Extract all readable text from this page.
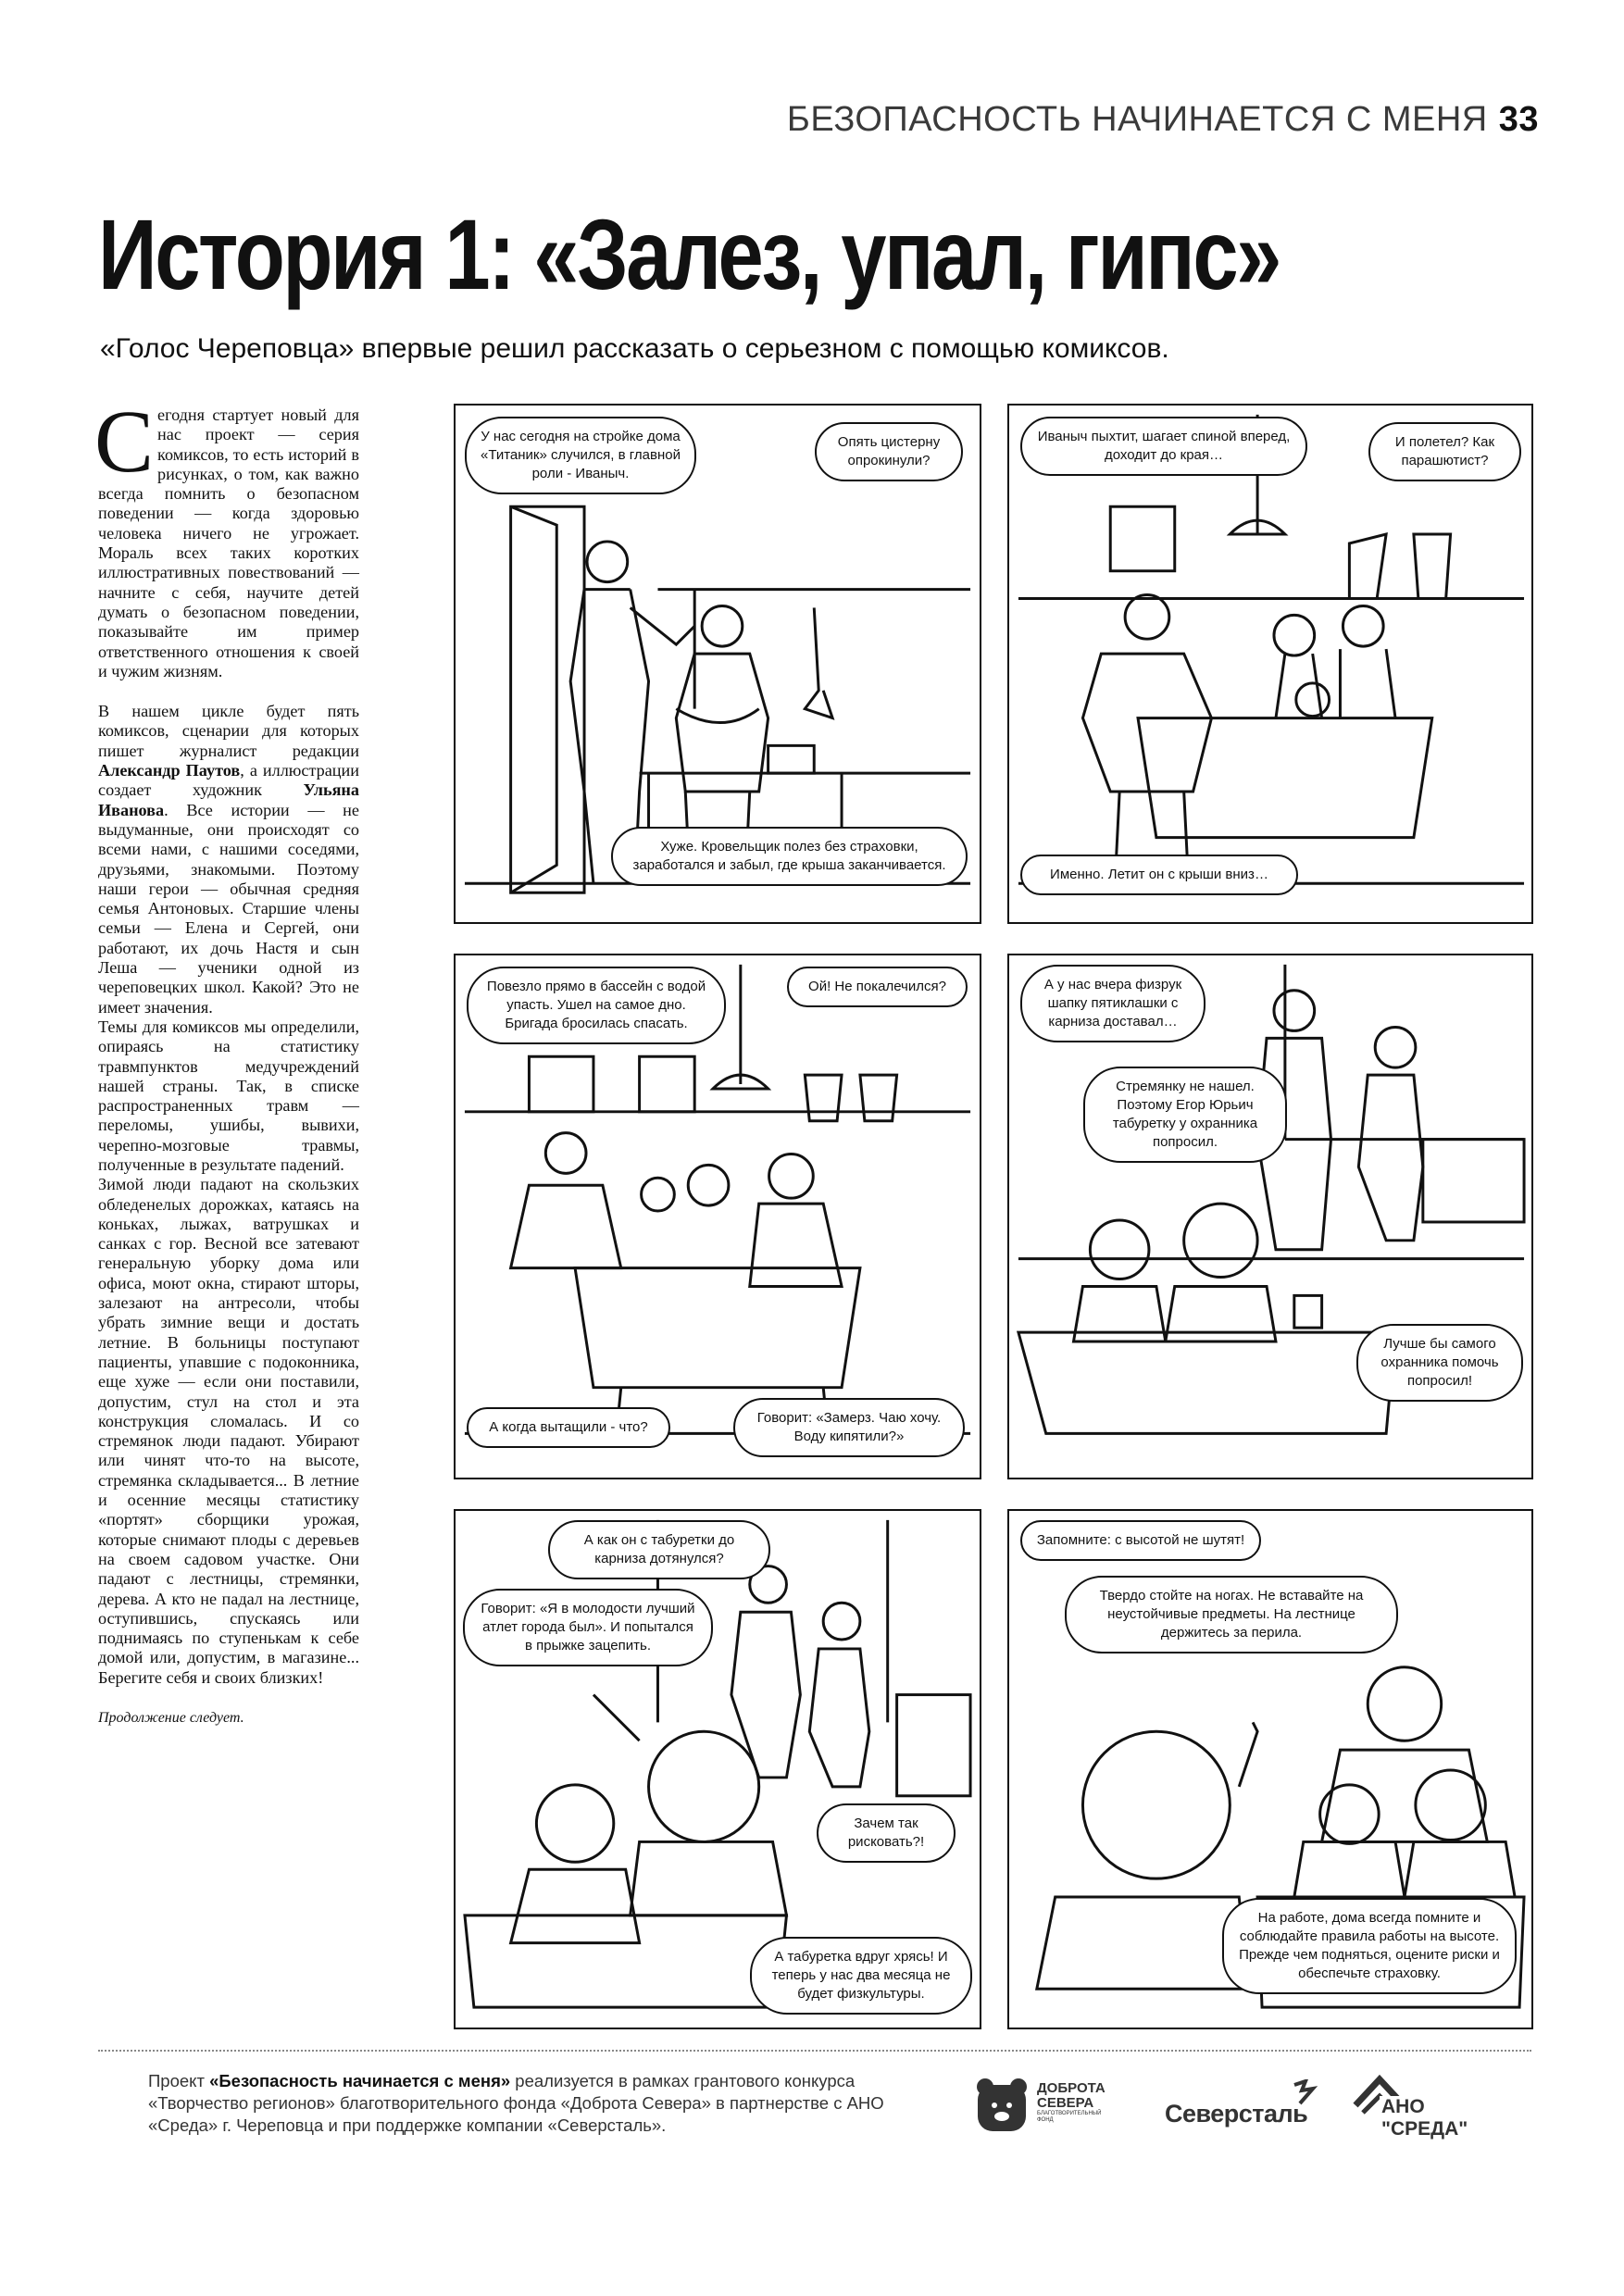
БЕЗОПАСНОСТЬ НАЧИНАЕТСЯ С МЕНЯ 33
История 1: «Залез, упал, гипс»
«Голос Череповца» впервые решил рассказать о серьезном с помощью комиксов.

Сегодня стартует новый для нас проект — серия комиксов, то есть историй в рисунках, о том, как важно всегда помнить о безопасном поведении — когда здоровью человека ничего не угрожает. Мораль всех таких коротких иллюстративных повествований — начните с себя, научите детей думать о безопасном поведении, показывайте им пример ответственного отношения к своей и чужим жизням.

В нашем цикле будет пять комиксов, сценарии для которых пишет журналист редакции Александр Паутов, а иллюстрации создает художник Ульяна Иванова. Все истории — не выдуманные, они происходят со всеми нами, с нашими соседями, друзьями, знакомыми. Поэтому наши герои — обычная средняя семья Антоновых. Старшие члены семьи — Елена и Сергей, они работают, их дочь Настя и сын Леша — ученики одной из череповецких школ. Какой? Это не имеет значения.

Темы для комиксов мы определили, опираясь на статистику травмпунктов медучреждений нашей страны. Так, в списке распространенных травм — переломы, ушибы, вывихи, черепно-мозговые травмы, полученные в результате падений.

Зимой люди падают на скользких обледенелых дорожках, катаясь на коньках, лыжах, ватрушках и санках с гор. Весной все затевают генеральную уборку дома или офиса, моют окна, стирают шторы, залезают на антресоли, чтобы убрать зимние вещи и достать летние. В больницы поступают пациенты, упавшие с подоконника, еще хуже — если они поставили, допустим, стул на стол и эта конструкция сломалась. И со стремянок люди падают. Убирают или чинят что-то на высоте, стремянка складывается... В летние и осенние месяцы статистику «портят» сборщики урожая, которые снимают плоды с деревьев на своем садовом участке. Они падают с лестницы, стремянки, дерева. А кто не падал на лестнице, оступившись, спускаясь или поднимаясь по ступенькам к себе домой или, допустим, в магазине... Берегите себя и своих близких!

Продолжение следует.

У нас сегодня на стройке дома «Титаник» случился, в главной роли - Иваныч.
Опять цистерну опрокинули?
Хуже. Кровельщик полез без страховки, заработался и забыл, где крыша заканчивается.
Иваныч пыхтит, шагает спиной вперед, доходит до края…
И полетел? Как парашютист?
Именно. Летит он с крыши вниз…
Повезло прямо в бассейн с водой упасть. Ушел на самое дно. Бригада бросилась спасать.
Ой! Не покалечился?
А когда вытащили - что?
Говорит: «Замерз. Чаю хочу. Воду кипятили?»
А у нас вчера физрук шапку пятиклашки с карниза доставал…
Стремянку не нашел. Поэтому Егор Юрьич табуретку у охранника попросил.
Лучше бы самого охранника помочь попросил!
А как он с табуретки до карниза дотянулся?
Говорит: «Я в молодости лучший атлет города был». И попытался в прыжке зацепить.
Зачем так рисковать?!
А табуретка вдруг хрясь! И теперь у нас два месяца не будет физкультуры.
Запомните: с высотой не шутят!
Твердо стойте на ногах. Не вставайте на неустойчивые предметы. На лестнице держитесь за перила.
На работе, дома всегда помните и соблюдайте правила работы на высоте. Прежде чем подняться, оцените риски и обеспечьте страховку.
Проект «Безопасность начинается с меня» реализуется в рамках грантового конкурса «Творчество регионов» благотворительного фонда «Доброта Севера» в партнерстве с АНО «Среда» г. Череповца и при поддержке компании «Северсталь».
ДОБРОТА
СЕВЕРА
БЛАГОТВОРИТЕЛЬНЫЙ ФОНД	Северсталь	АНО "СРЕДА"
